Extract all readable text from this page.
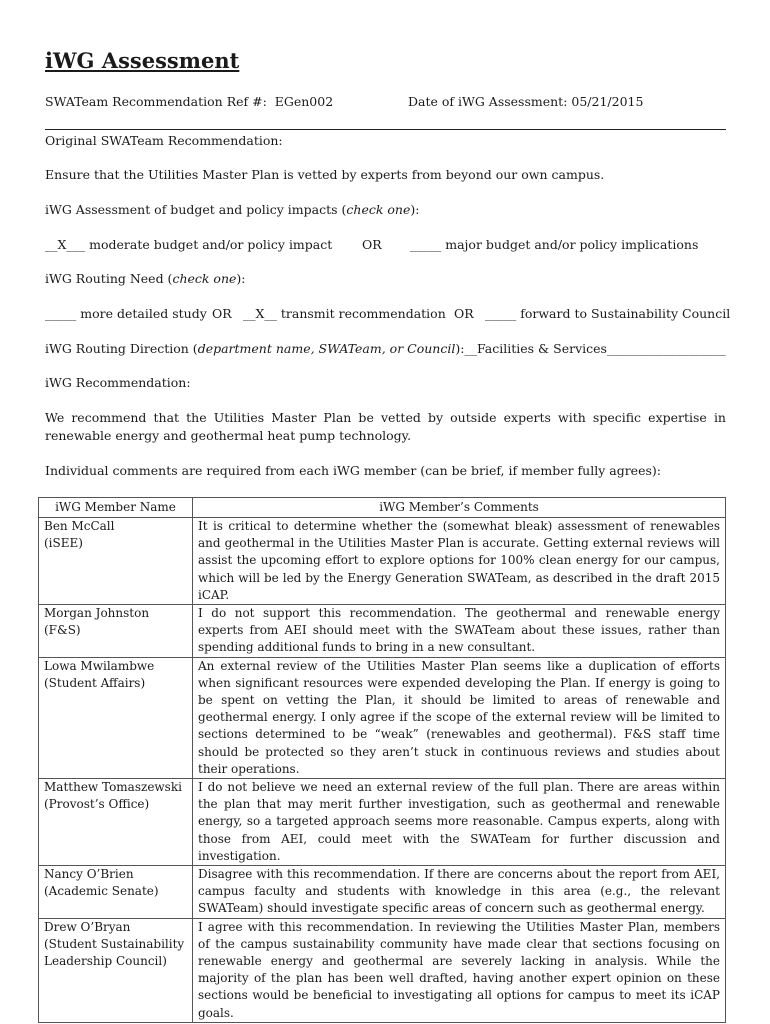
iWG Assessment
SWATeam Recommendation Ref #: EGen002	Date of iWG Assessment: 05/21/2015
Original SWATeam Recommendation:
Ensure that the Utilities Master Plan is vetted by experts from beyond our own campus.
iWG Assessment of budget and policy impacts (check one):
__X___ moderate budget and/or policy impact OR _____ major budget and/or policy implications
iWG Routing Need (check one):
_____ more detailed study OR __X__ transmit recommendation OR _____ forward to Sustainability Council
iWG Routing Direction (department name, SWATeam, or Council):__Facilities & Services___________________
iWG Recommendation:
We recommend that the Utilities Master Plan be vetted by outside experts with specific expertise in renewable energy and geothermal heat pump technology.
Individual comments are required from each iWG member (can be brief, if member fully agrees):
iWG Member Name	iWG Member’s Comments

Ben McCall
(iSEE)	It is critical to determine whether the (somewhat bleak) assessment of renewables and geothermal in the Utilities Master Plan is accurate. Getting external reviews will assist the upcoming effort to explore options for 100% clean energy for our campus, which will be led by the Energy Generation SWATeam, as described in the draft 2015 iCAP.

Morgan Johnston
(F&S)	I do not support this recommendation. The geothermal and renewable energy experts from AEI should meet with the SWATeam about these issues, rather than spending additional funds to bring in a new consultant.

Lowa Mwilambwe
(Student Affairs)	An external review of the Utilities Master Plan seems like a duplication of efforts when significant resources were expended developing the Plan. If energy is going to be spent on vetting the Plan, it should be limited to areas of renewable and geothermal energy. I only agree if the scope of the external review will be limited to sections determined to be “weak” (renewables and geothermal). F&S staff time should be protected so they aren’t stuck in continuous reviews and studies about their operations.

Matthew Tomaszewski
(Provost’s Office)	I do not believe we need an external review of the full plan. There are areas within the plan that may merit further investigation, such as geothermal and renewable energy, so a targeted approach seems more reasonable. Campus experts, along with those from AEI, could meet with the SWATeam for further discussion and investigation.

Nancy O’Brien
(Academic Senate)	Disagree with this recommendation. If there are concerns about the report from AEI, campus faculty and students with knowledge in this area (e.g., the relevant SWATeam) should investigate specific areas of concern such as geothermal energy.

Drew O’Bryan
(Student Sustainability Leadership Council)	I agree with this recommendation. In reviewing the Utilities Master Plan, members of the campus sustainability community have made clear that sections focusing on renewable energy and geothermal are severely lacking in analysis. While the majority of the plan has been well drafted, having another expert opinion on these sections would be beneficial to investigating all options for campus to meet its iCAP goals.
